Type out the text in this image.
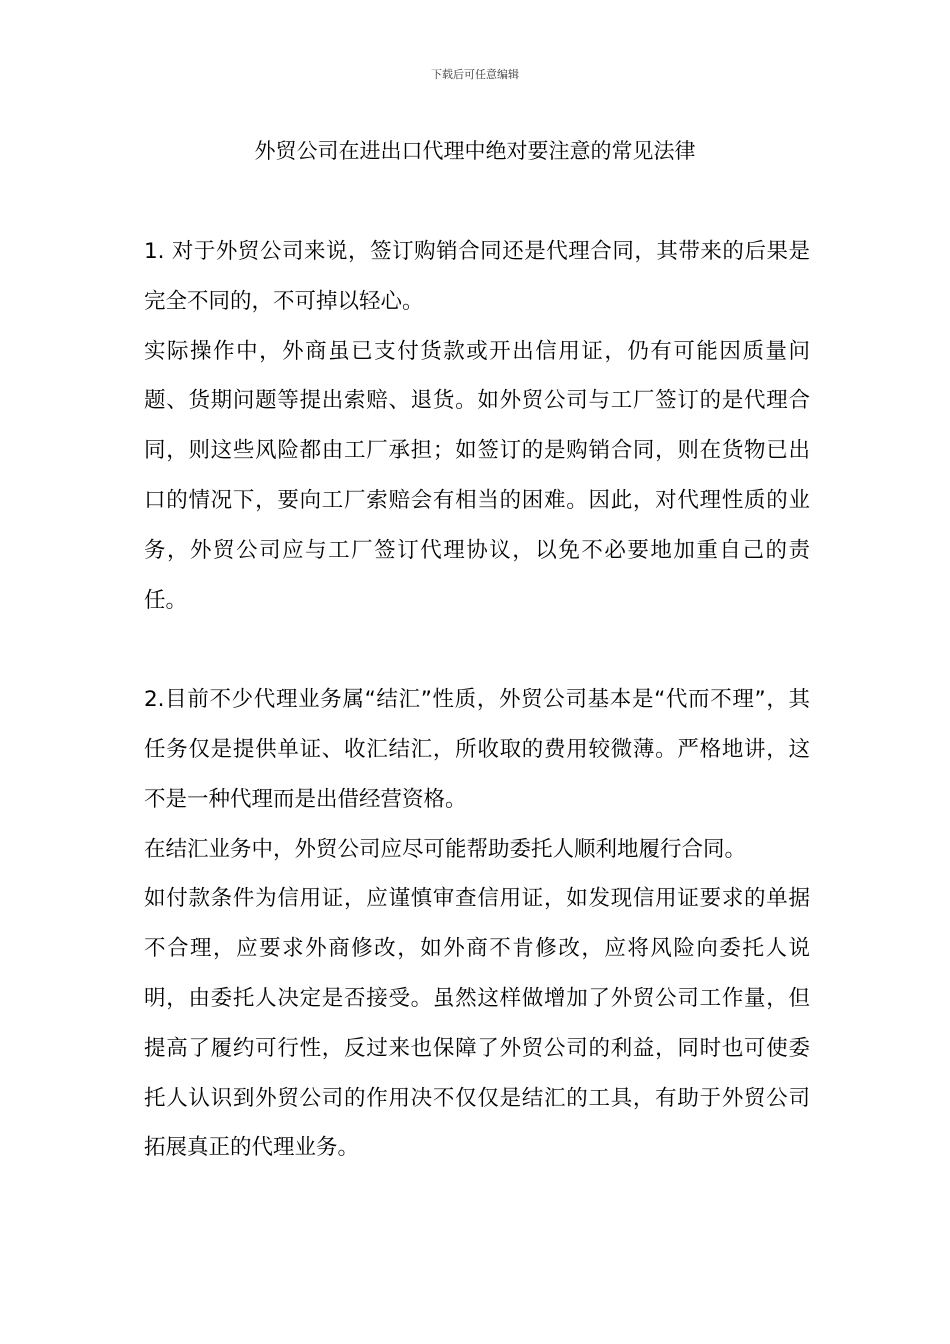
下载后可任意编辑
外贸公司在进出口代理中绝对要注意的常见法律

1. 对于外贸公司来说，签订购销合同还是代理合同，其带来的后果是完全不同的，不可掉以轻心。

实际操作中，外商虽已支付货款或开出信用证，仍有可能因质量问题、货期问题等提出索赔、退货。如外贸公司与工厂签订的是代理合同，则这些风险都由工厂承担；如签订的是购销合同，则在货物已出口的情况下，要向工厂索赔会有相当的困难。因此，对代理性质的业务，外贸公司应与工厂签订代理协议，以免不必要地加重自己的责任。

2.目前不少代理业务属“结汇”性质，外贸公司基本是“代而不理”，其任务仅是提供单证、收汇结汇，所收取的费用较微薄。严格地讲，这不是一种代理而是出借经营资格。

在结汇业务中，外贸公司应尽可能帮助委托人顺利地履行合同。

如付款条件为信用证，应谨慎审查信用证，如发现信用证要求的单据不合理，应要求外商修改，如外商不肯修改，应将风险向委托人说明，由委托人决定是否接受。虽然这样做增加了外贸公司工作量，但提高了履约可行性，反过来也保障了外贸公司的利益，同时也可使委托人认识到外贸公司的作用决不仅仅是结汇的工具，有助于外贸公司拓展真正的代理业务。
